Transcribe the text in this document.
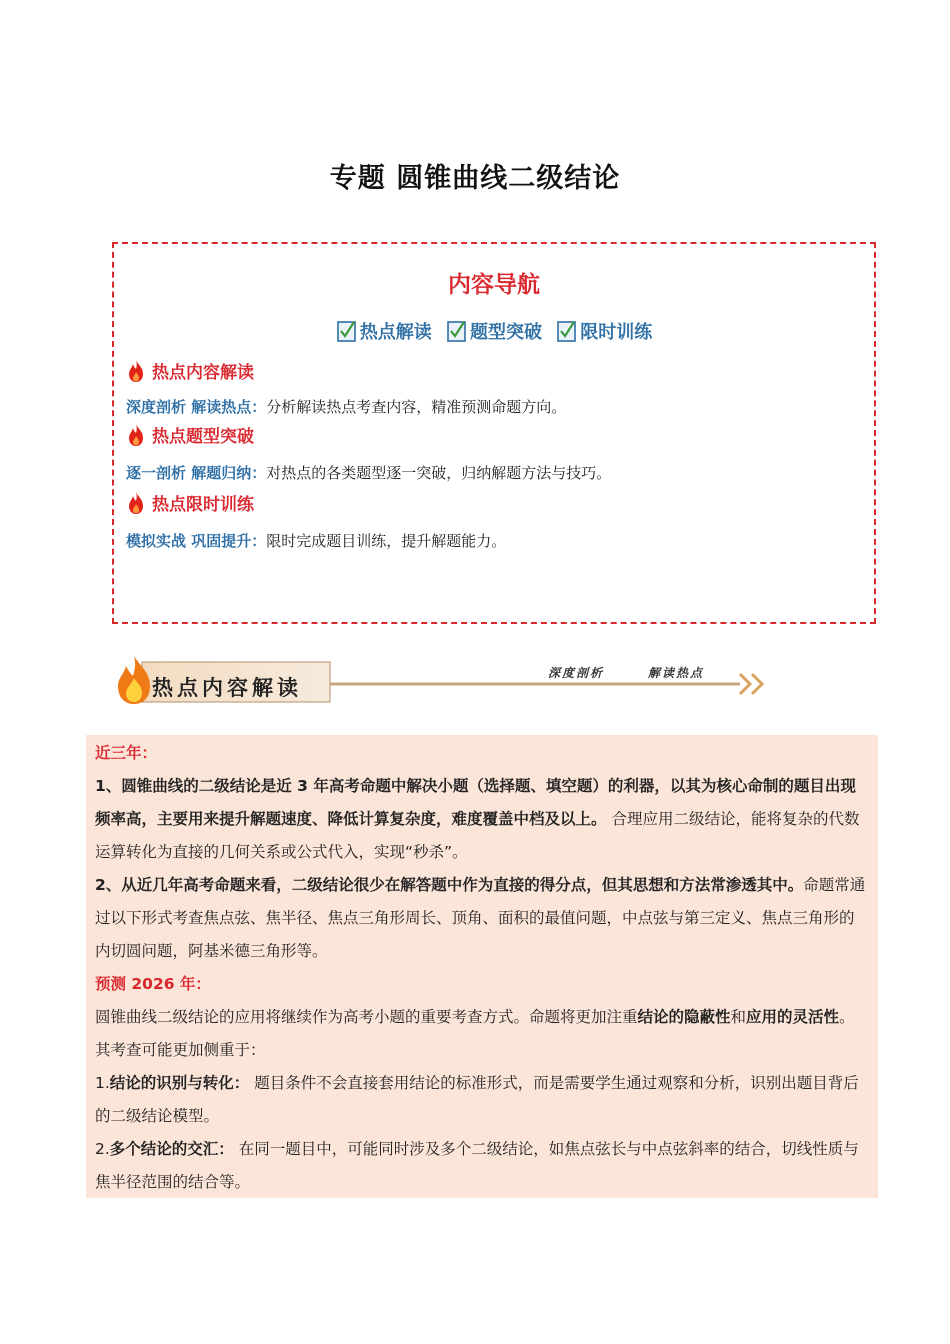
专题 圆锥曲线二级结论
内容导航
热点解读
题型突破
限时训练
热点内容解读
深度剖析 解读热点：分析解读热点考查内容，精准预测命题方向。
热点题型突破
逐一剖析 解题归纳：对热点的各类题型逐一突破，归纳解题方法与技巧。
热点限时训练
模拟实战 巩固提升：限时完成题目训练，提升解题能力。
热点内容解读
深度剖析	解读热点

近三年：

1、圆锥曲线的二级结论是近 3 年高考命题中解决小题（选择题、填空题）的利器，以其为核心命制的题目出现频率高，主要用来提升解题速度、降低计算复杂度，难度覆盖中档及以上。 合理应用二级结论，能将复杂的代数运算转化为直接的几何关系或公式代入，实现“秒杀”。

2、从近几年高考命题来看，二级结论很少在解答题中作为直接的得分点，但其思想和方法常渗透其中。命题常通过以下形式考查焦点弦、焦半径、焦点三角形周长、顶角、面积的最值问题，中点弦与第三定义、焦点三角形的内切圆问题，阿基米德三角形等。

预测 2026 年：

圆锥曲线二级结论的应用将继续作为高考小题的重要考查方式。命题将更加注重结论的隐蔽性和应用的灵活性。其考查可能更加侧重于：

1.结论的识别与转化： 题目条件不会直接套用结论的标准形式，而是需要学生通过观察和分析，识别出题目背后的二级结论模型。

2.多个结论的交汇： 在同一题目中，可能同时涉及多个二级结论，如焦点弦长与中点弦斜率的结合，切线性质与焦半径范围的结合等。
